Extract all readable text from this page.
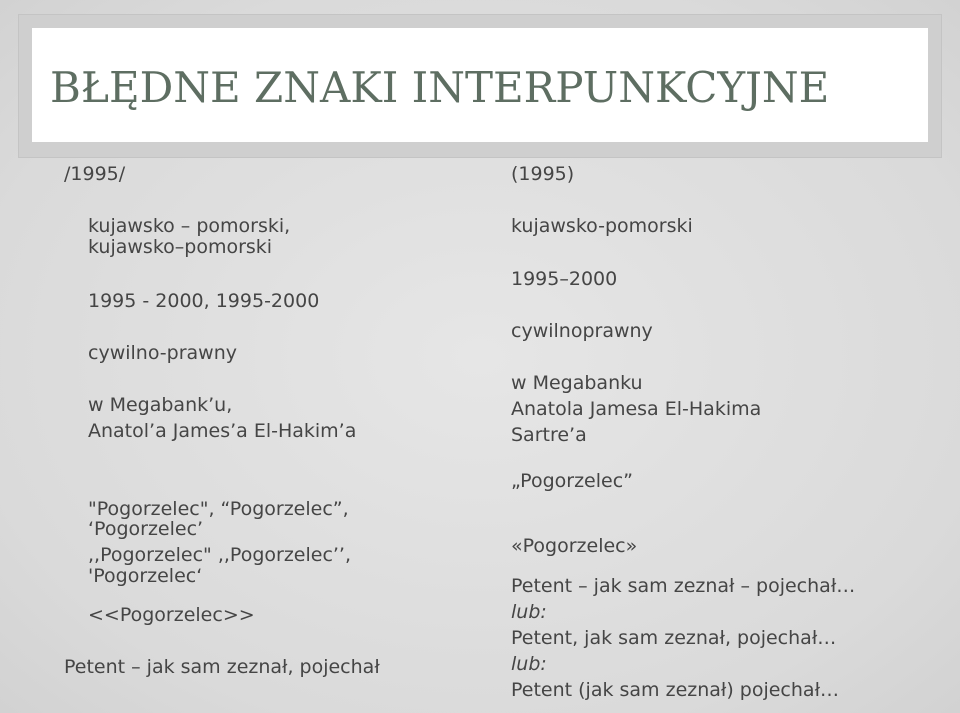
BŁĘDNE ZNAKI INTERPUNKCYJNE
/1995/
kujawsko – pomorski,
kujawsko–pomorski
1995 - 2000, 1995-2000
cywilno-prawny
w Megabank’u,
Anatol’a James’a El-Hakim’a
"Pogorzelec", “Pogorzelec”,
‘Pogorzelec’
,,Pogorzelec" ,,Pogorzelec’’,
'Pogorzelec‘
<<Pogorzelec>>
Petent – jak sam zeznał, pojechał
(1995)
kujawsko-pomorski
1995–2000
cywilnoprawny
w Megabanku
Anatola Jamesa El-Hakima
Sartre’a
„Pogorzelec”
«Pogorzelec»
Petent – jak sam zeznał – pojechał…
lub:
Petent, jak sam zeznał, pojechał…
lub:
Petent (jak sam zeznał) pojechał…
